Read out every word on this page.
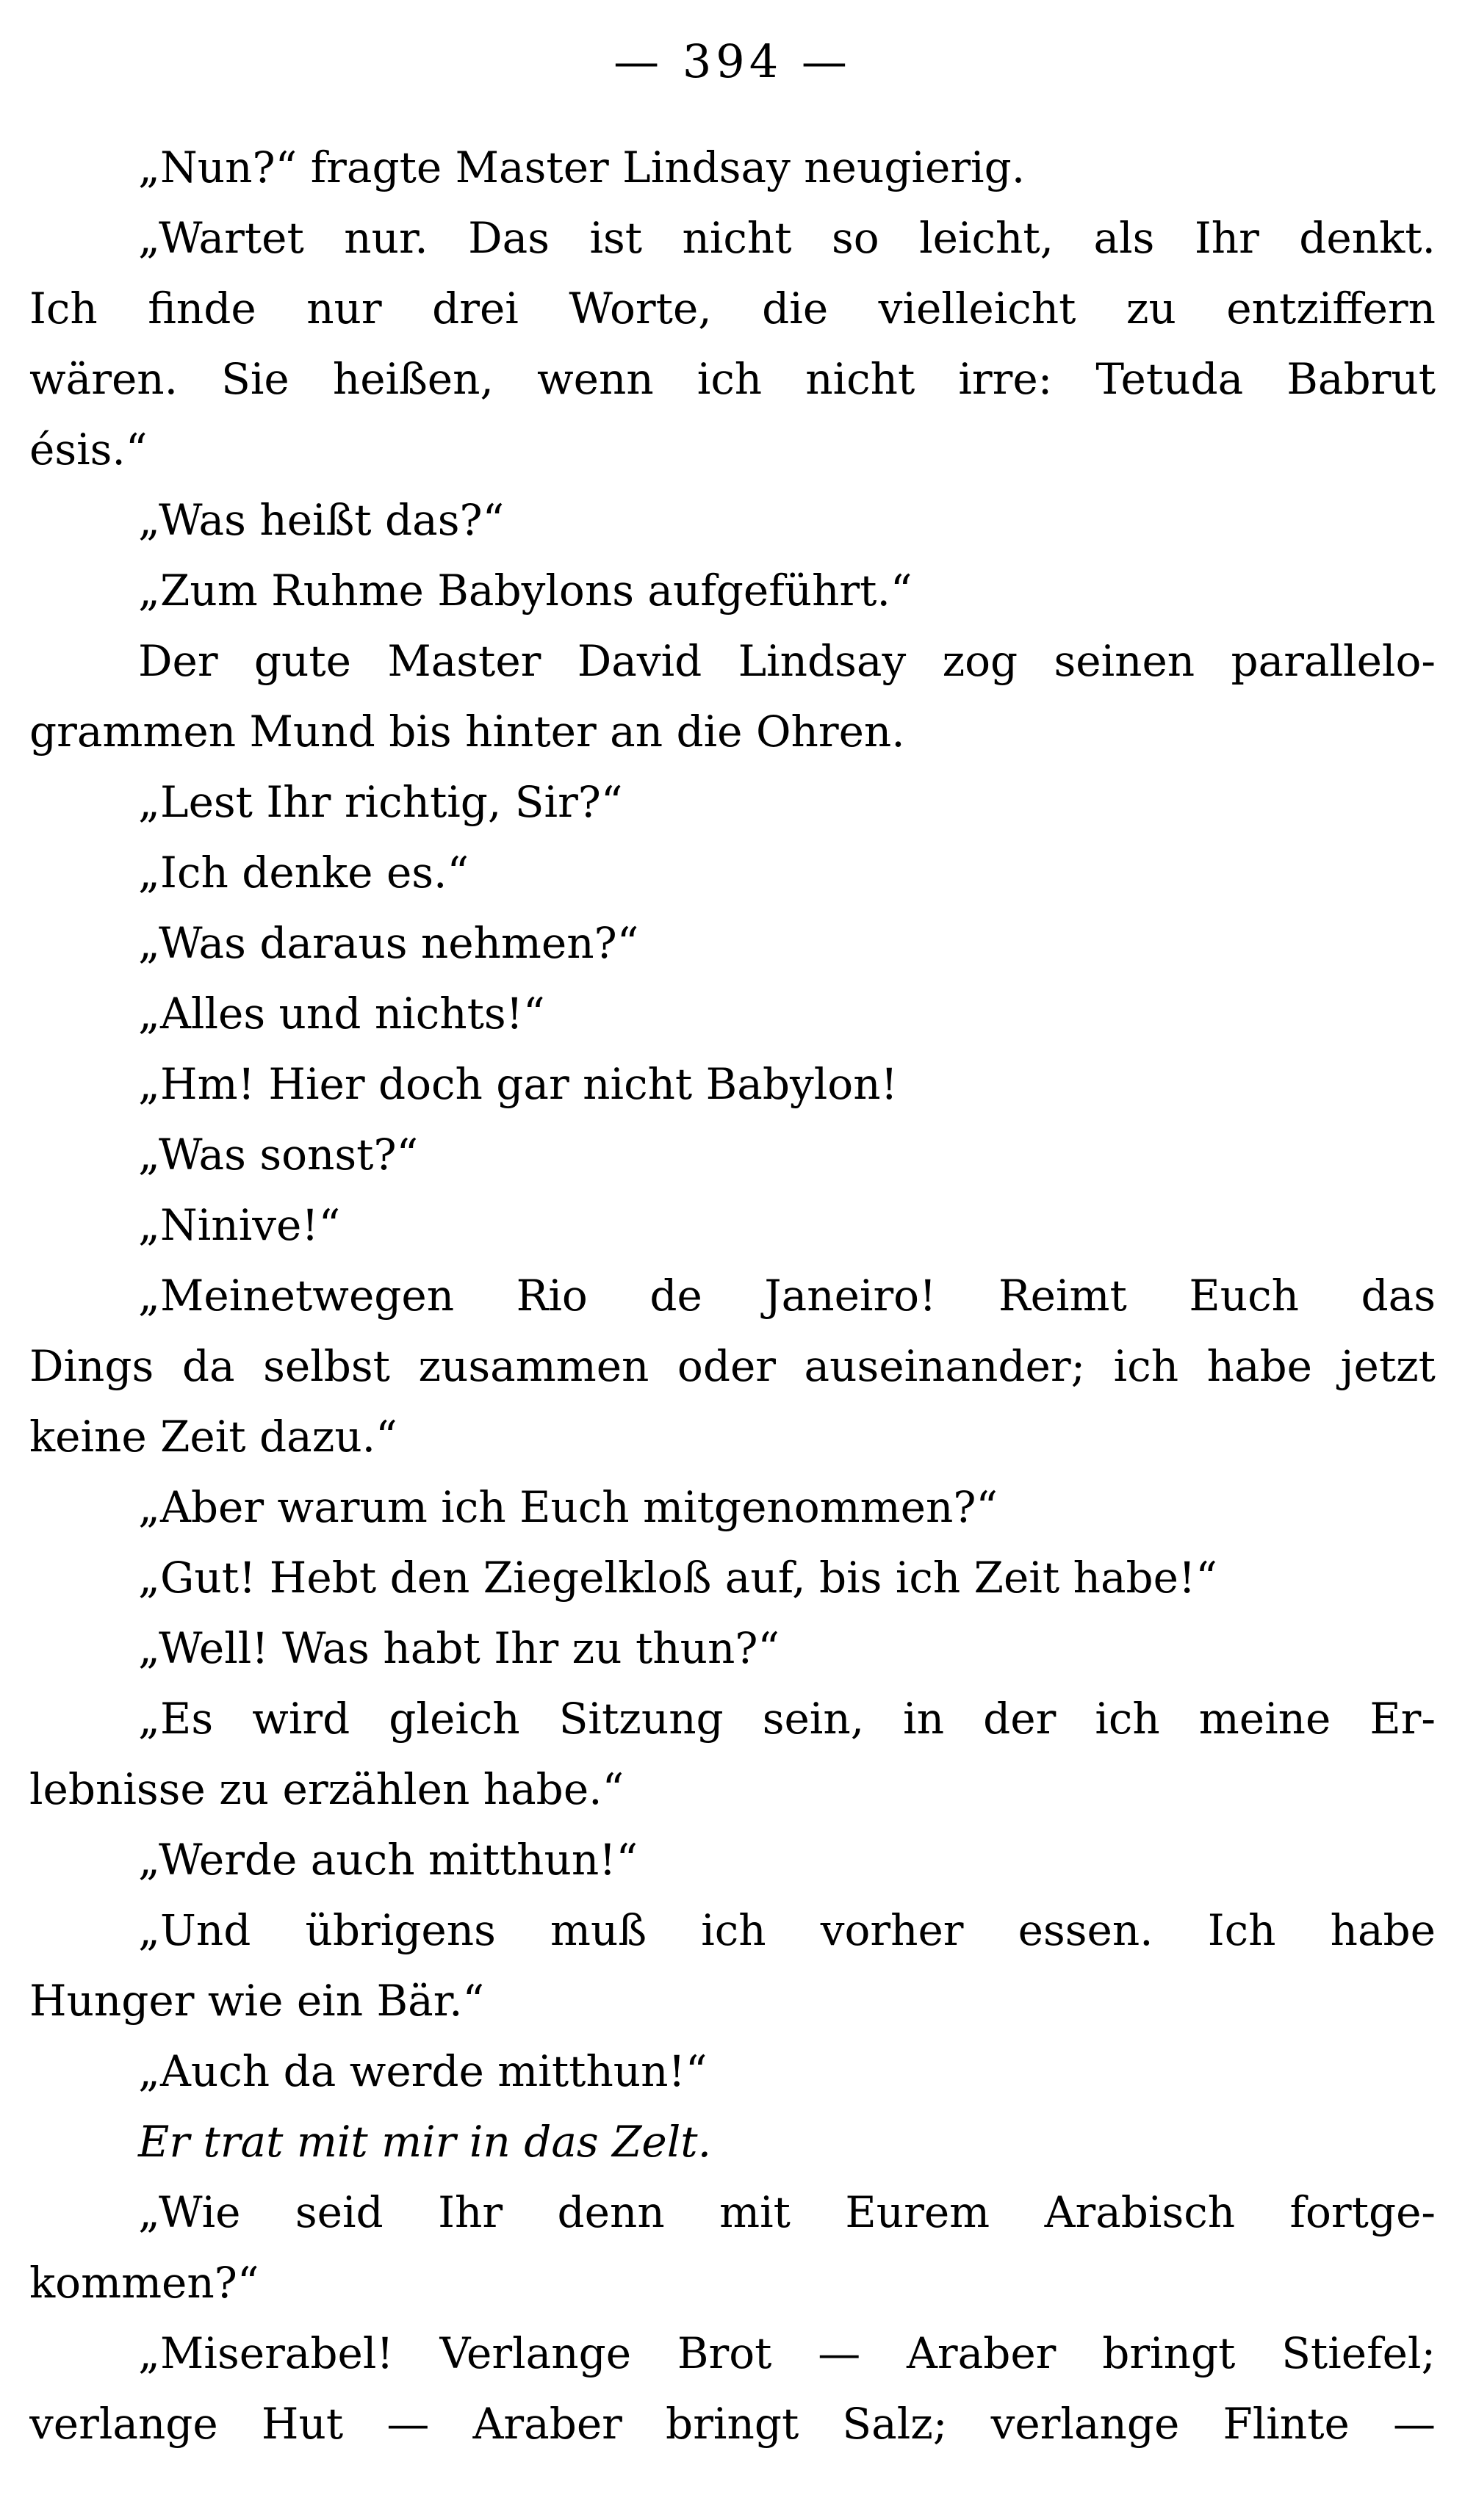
— 394 —
„Nun?“ fragte Master Lindsay neugierig.
„Wartet nur. Das ist nicht so leicht, als Ihr denkt.
Ich finde nur drei Worte, die vielleicht zu entziffern
wären. Sie heißen, wenn ich nicht irre: Tetuda Babrut
ésis.“
„Was heißt das?“
„Zum Ruhme Babylons aufgeführt.“
Der gute Master David Lindsay zog seinen parallelo-
grammen Mund bis hinter an die Ohren.
„Lest Ihr richtig, Sir?“
„Ich denke es.“
„Was daraus nehmen?“
„Alles und nichts!“
„Hm! Hier doch gar nicht Babylon!
„Was sonst?“
„Ninive!“
„Meinetwegen Rio de Janeiro! Reimt Euch das
Dings da selbst zusammen oder auseinander; ich habe jetzt
keine Zeit dazu.“
„Aber warum ich Euch mitgenommen?“
„Gut! Hebt den Ziegelkloß auf, bis ich Zeit habe!“
„Well! Was habt Ihr zu thun?“
„Es wird gleich Sitzung sein, in der ich meine Er-
lebnisse zu erzählen habe.“
„Werde auch mitthun!“
„Und übrigens muß ich vorher essen. Ich habe
Hunger wie ein Bär.“
„Auch da werde mitthun!“
Er trat mit mir in das Zelt.
„Wie seid Ihr denn mit Eurem Arabisch fortge-
kommen?“
„Miserabel! Verlange Brot — Araber bringt Stiefel;
verlange Hut — Araber bringt Salz; verlange Flinte —
